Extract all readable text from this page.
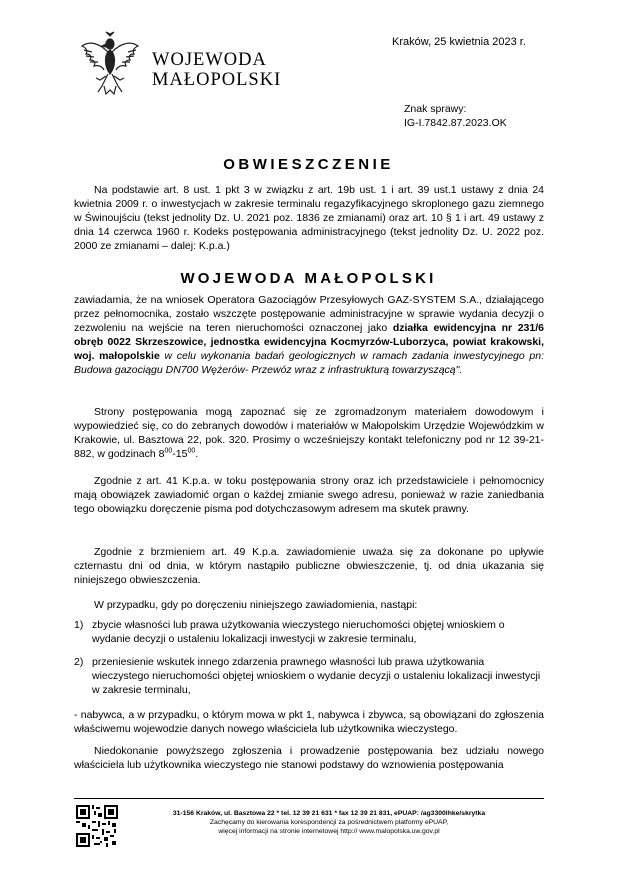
WOJEWODA
MAŁOPOLSKI
Kraków, 25 kwietnia 2023 r.
Znak sprawy:
IG-I.7842.87.2023.OK
OBWIESZCZENIE
Na podstawie art. 8 ust. 1 pkt 3 w związku z art. 19b ust. 1 i art. 39 ust.1 ustawy z dnia 24 kwietnia 2009 r. o inwestycjach w zakresie terminalu regazyfikacyjnego skroplonego gazu ziemnego w Świnoujściu (tekst jednolity Dz. U. 2021 poz. 1836 ze zmianami) oraz art. 10 § 1 i art. 49 ustawy z dnia 14 czerwca 1960 r. Kodeks postępowania administracyjnego (tekst jednolity Dz. U. 2022 poz. 2000 ze zmianami – dalej: K.p.a.)
WOJEWODA MAŁOPOLSKI
zawiadamia, że na wniosek Operatora Gazociągów Przesyłowych GAZ-SYSTEM S.A., działającego przez pełnomocnika, zostało wszczęte postępowanie administracyjne w sprawie wydania decyzji o zezwoleniu na wejście na teren nieruchomości oznaczonej jako działka ewidencyjna nr 231/6 obręb 0022 Skrzeszowice, jednostka ewidencyjna Kocmyrzów-Luborzyca, powiat krakowski, woj. małopolskie w celu wykonania badań geologicznych w ramach zadania inwestycyjnego pn: Budowa gazociągu DN700 Wężerów- Przewóz wraz z infrastrukturą towarzyszącą".
Strony postępowania mogą zapoznać się ze zgromadzonym materiałem dowodowym i wypowiedzieć się, co do zebranych dowodów i materiałów w Małopolskim Urzędzie Wojewódzkim w Krakowie, ul. Basztowa 22, pok. 320. Prosimy o wcześniejszy kontakt telefoniczny pod nr 12 39-21-882, w godzinach $8^{00}-15^{00}$.
Zgodnie z art. 41 K.p.a. w toku postępowania strony oraz ich przedstawiciele i pełnomocnicy mają obowiązek zawiadomić organ o każdej zmianie swego adresu, ponieważ w razie zaniedbania tego obowiązku doręczenie pisma pod dotychczasowym adresem ma skutek prawny.
Zgodnie z brzmieniem art. 49 K.p.a. zawiadomienie uważa się za dokonane po upływie czternastu dni od dnia, w którym nastąpiło publiczne obwieszczenie, tj. od dnia ukazania się niniejszego obwieszczenia.
W przypadku, gdy po doręczeniu niniejszego zawiadomienia, nastąpi:
1) zbycie własności lub prawa użytkowania wieczystego nieruchomości objętej wnioskiem o wydanie decyzji o ustaleniu lokalizacji inwestycji w zakresie terminalu,
2) przeniesienie wskutek innego zdarzenia prawnego własności lub prawa użytkowania wieczystego nieruchomości objętej wnioskiem o wydanie decyzji o ustaleniu lokalizacji inwestycji w zakresie terminalu,
- nabywca, a w przypadku, o którym mowa w pkt 1, nabywca i zbywca, są obowiązani do zgłoszenia właściwemu wojewodzie danych nowego właściciela lub użytkownika wieczystego.
Niedokonanie powyższego zgłoszenia i prowadzenie postępowania bez udziału nowego właściciela lub użytkownika wieczystego nie stanowi podstawy do wznowienia postępowania
31-156 Kraków, ul. Basztowa 22 * tel. 12 39 21 631 * fax 12 39 21 831, ePUAP: /ag3300lhke/skrytka
Zachęcamy do kierowania korespondencji za pośrednictwem platformy ePUAP,
więcej informacji na stronie internetowej http:// www.malopolska.uw.gov.pl
